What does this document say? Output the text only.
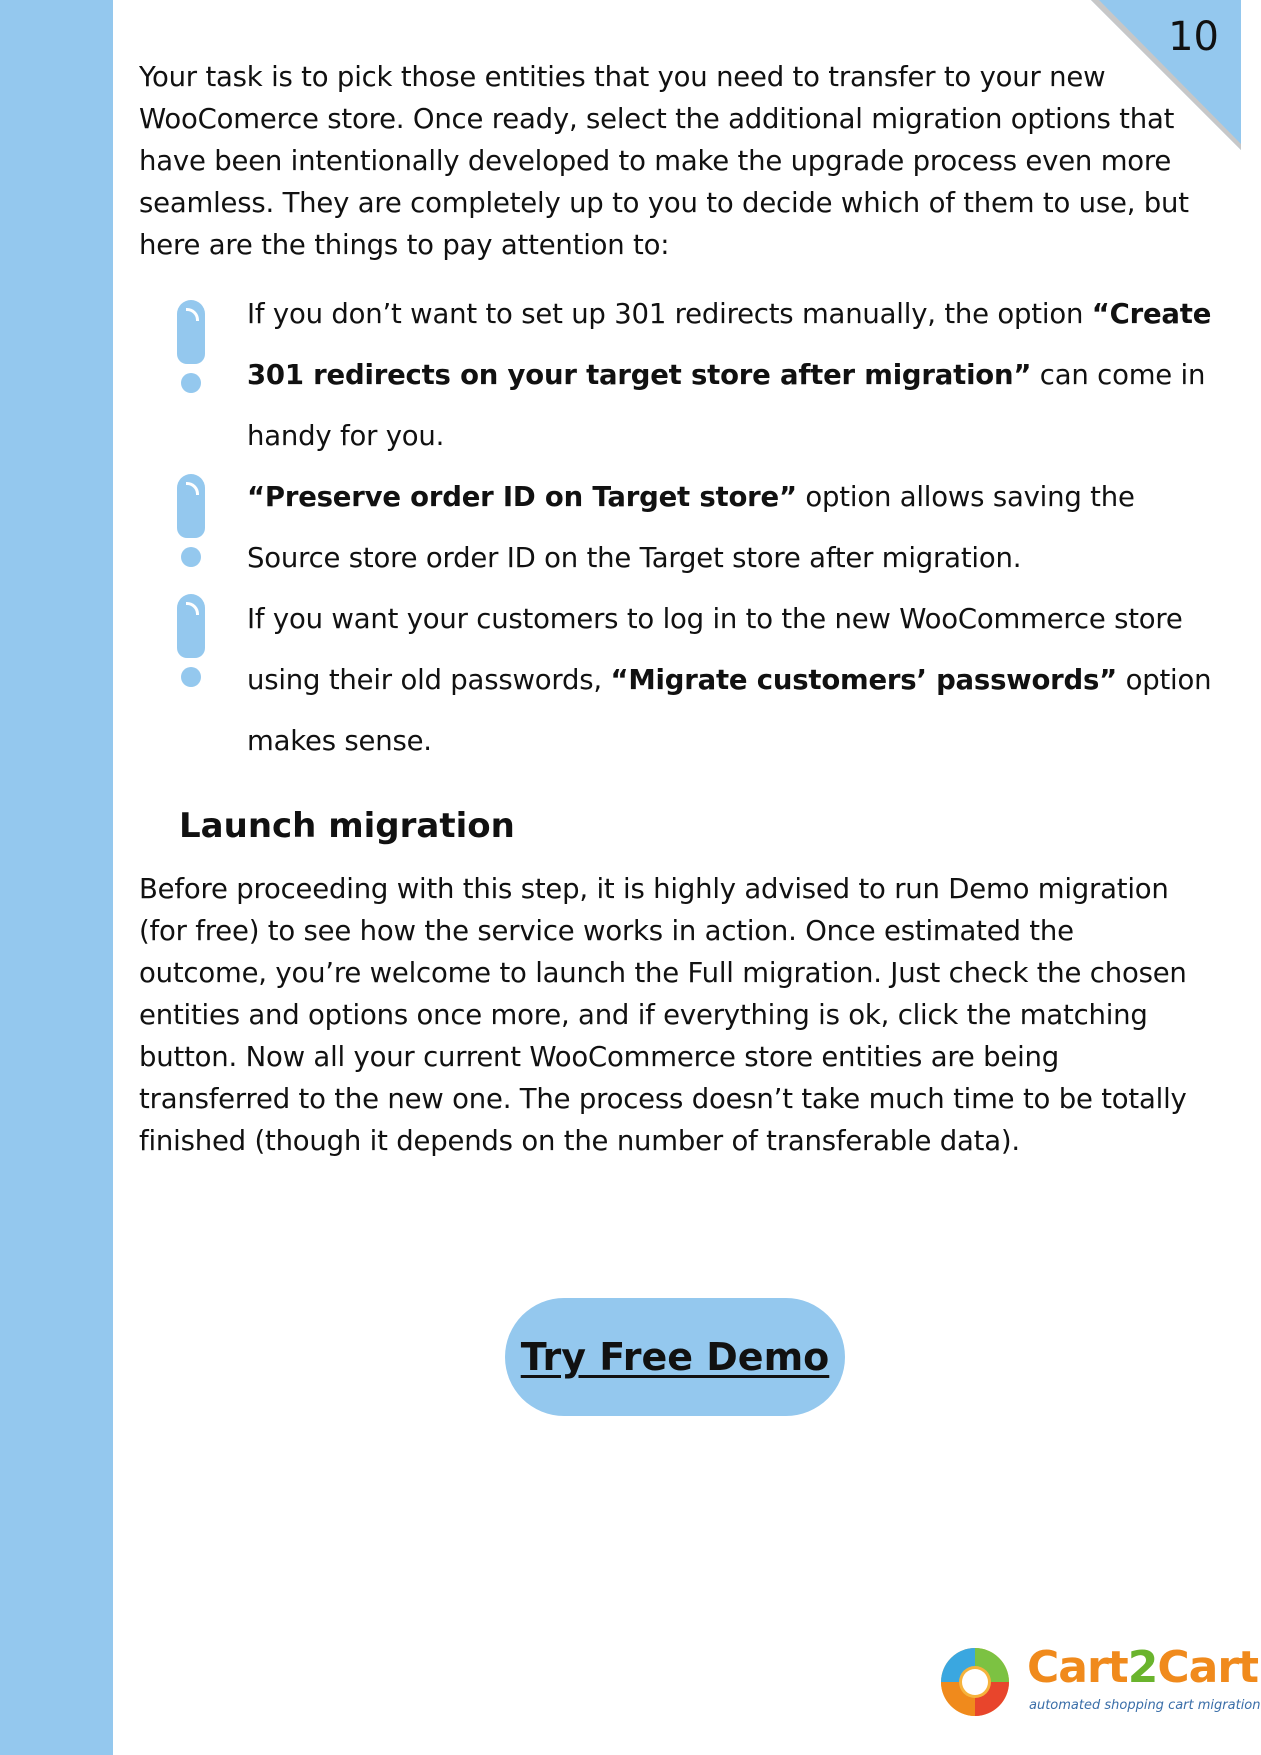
10

Your task is to pick those entities that you need to transfer to your new WooComerce store. Once ready, select the additional migration options that have been intentionally developed to make the upgrade process even more seamless. They are completely up to you to decide which of them to use, but here are the things to pay attention to:

If you don’t want to set up 301 redirects manually, the option “Create 301 redirects on your target store after migration” can come in handy for you.
“Preserve order ID on Target store” option allows saving the Source store order ID on the Target store after migration.
If you want your customers to log in to the new WooCommerce store using their old passwords, “Migrate customers’ passwords” option makes sense.
Launch migration

Before proceeding with this step, it is highly advised to run Demo migration (for free) to see how the service works in action. Once estimated the outcome, you’re welcome to launch the Full migration. Just check the chosen entities and options once more, and if everything is ok, click the matching button. Now all your current WooCommerce store entities are being transferred to the new one. The process doesn’t take much time to be totally finished (though it depends on the number of transferable data).

Try Free Demo
Cart2Cart
automated shopping cart migration
